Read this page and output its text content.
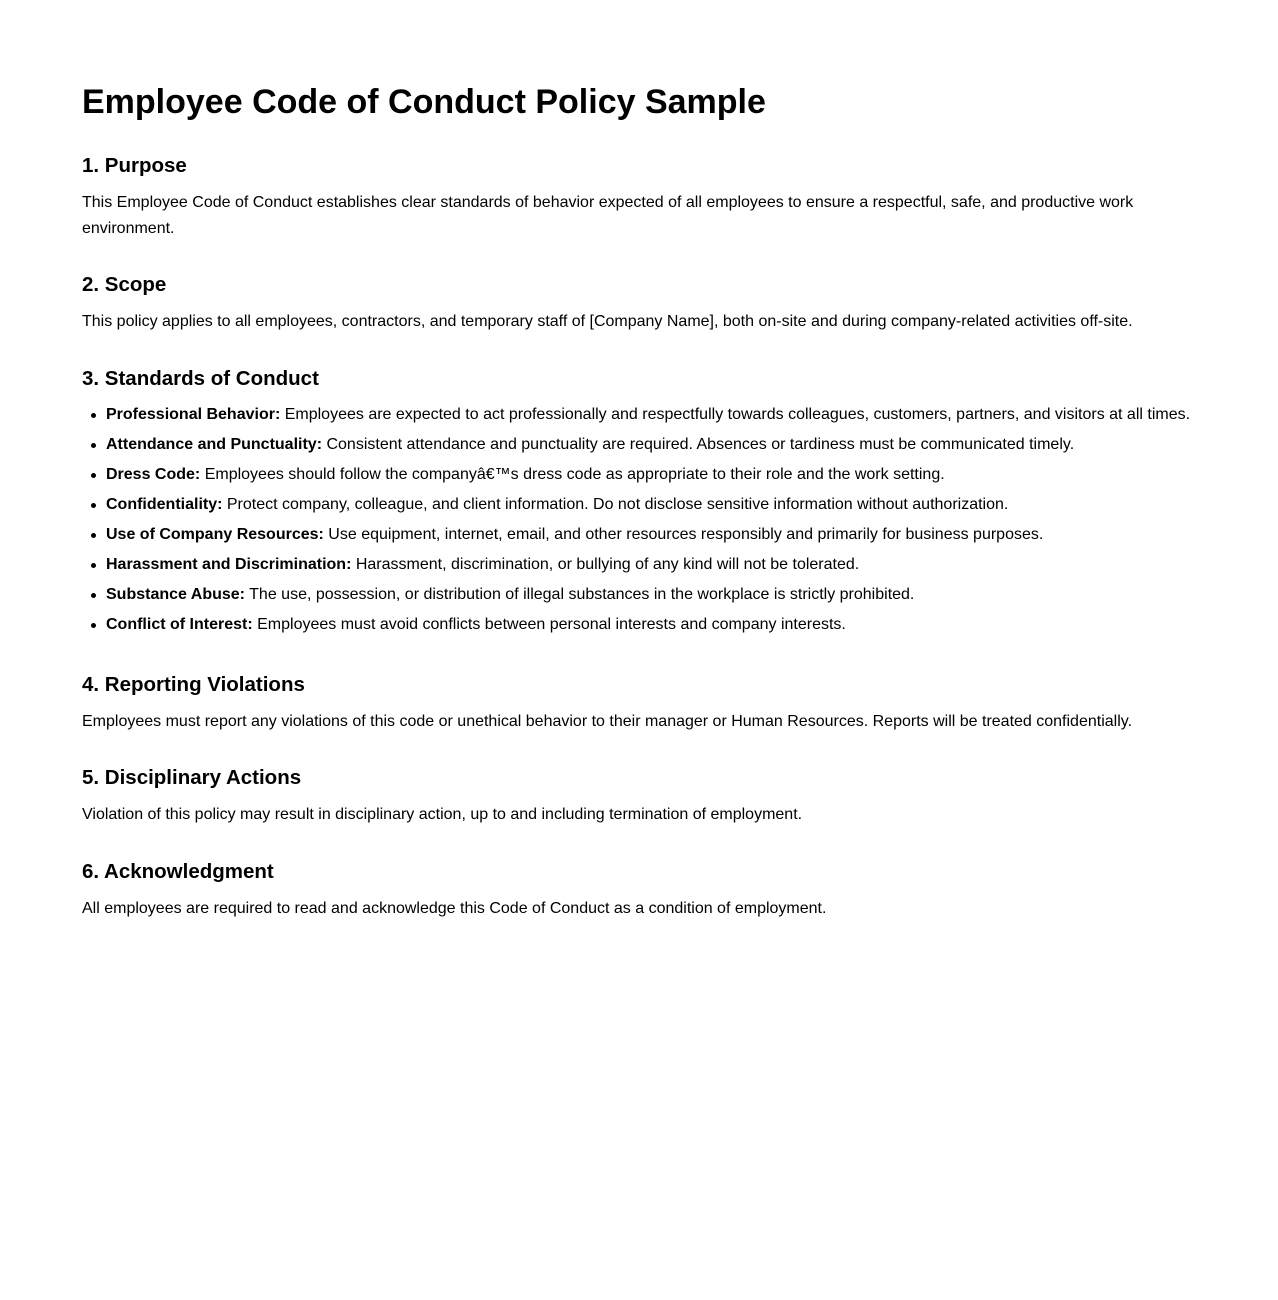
Employee Code of Conduct Policy Sample
1. Purpose

This Employee Code of Conduct establishes clear standards of behavior expected of all employees to ensure a respectful, safe, and productive work environment.

2. Scope

This policy applies to all employees, contractors, and temporary staff of [Company Name], both on-site and during company-related activities off-site.

3. Standards of Conduct
Professional Behavior: Employees are expected to act professionally and respectfully towards colleagues, customers, partners, and visitors at all times.
Attendance and Punctuality: Consistent attendance and punctuality are required. Absences or tardiness must be communicated timely.
Dress Code: Employees should follow the companyâ€™s dress code as appropriate to their role and the work setting.
Confidentiality: Protect company, colleague, and client information. Do not disclose sensitive information without authorization.
Use of Company Resources: Use equipment, internet, email, and other resources responsibly and primarily for business purposes.
Harassment and Discrimination: Harassment, discrimination, or bullying of any kind will not be tolerated.
Substance Abuse: The use, possession, or distribution of illegal substances in the workplace is strictly prohibited.
Conflict of Interest: Employees must avoid conflicts between personal interests and company interests.
4. Reporting Violations

Employees must report any violations of this code or unethical behavior to their manager or Human Resources. Reports will be treated confidentially.

5. Disciplinary Actions

Violation of this policy may result in disciplinary action, up to and including termination of employment.

6. Acknowledgment

All employees are required to read and acknowledge this Code of Conduct as a condition of employment.
